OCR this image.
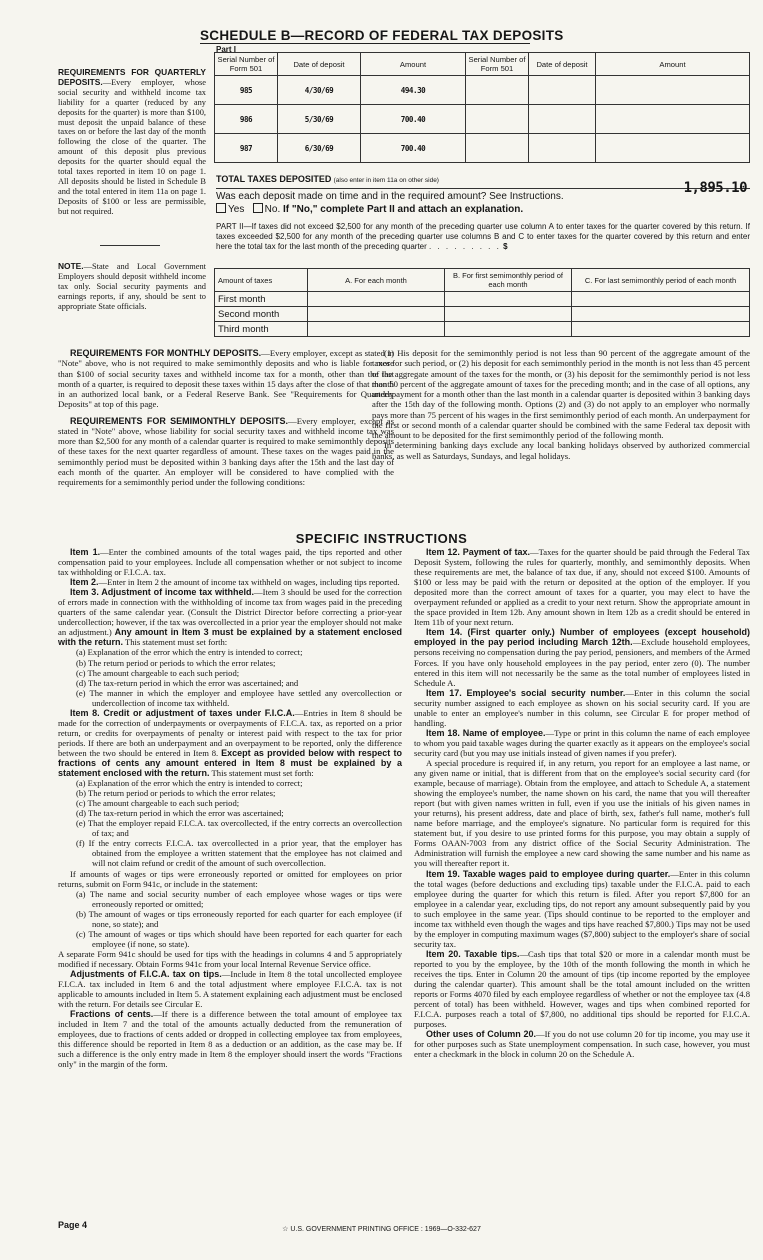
SCHEDULE B—RECORD OF FEDERAL TAX DEPOSITS
REQUIREMENTS FOR QUARTERLY DEPOSITS.—Every employer, whose social security and withheld income tax liability for a quarter (reduced by any deposits for the quarter) is more than $100, must deposit the unpaid balance of these taxes on or before the last day of the month following the close of the quarter. The amount of this deposit plus previous deposits for the quarter should equal the total taxes reported in item 10 on page 1. All deposits should be listed in Schedule B and the total entered in item 11a on page 1. Deposits of $100 or less are permissible, but not required.
NOTE.—State and Local Government Employers should deposit withheld income tax only. Social security payments and earnings reports, if any, should be sent to appropriate State officials.
Part I
Serial Number of Form 501	Date of deposit	Amount	Serial Number of Form 501	Date of deposit	Amount
985	4/30/69	494.30			
986	5/30/69	700.40			
987	6/30/69	700.40			
TOTAL TAXES DEPOSITED (also enter in item 11a on other side)	1,895.10
Was each deposit made on time and in the required amount? See Instructions.
Yes No. If "No," complete Part II and attach an explanation.
PART II—If taxes did not exceed $2,500 for any month of the preceding quarter use column A to enter taxes for the quarter covered by this return. If taxes exceeded $2,500 for any month of the preceding quarter use columns B and C to enter taxes for the quarter covered by this return and enter here the total tax for the last month of the preceding quarter . . . . . . . . . $
Amount of taxes	A. For each month	B. For first semimonthly period of each month	C. For last semimonthly period of each month
First month			
Second month			
Third month			

REQUIREMENTS FOR MONTHLY DEPOSITS.—Every employer, except as stated in "Note" above, who is not required to make semimonthly deposits and who is liable for more than $100 of social security taxes and withheld income tax for a month, other than the last month of a quarter, is required to deposit these taxes within 15 days after the close of that month in an authorized local bank, or a Federal Reserve Bank. See "Requirements for Quarterly Deposits" at top of this page.

REQUIREMENTS FOR SEMIMONTHLY DEPOSITS.—Every employer, except as stated in "Note" above, whose liability for social security taxes and withheld income tax was more than $2,500 for any month of a calendar quarter is required to make semimonthly deposits of these taxes for the next quarter regardless of amount. These taxes on the wages paid in the semimonthly period must be deposited within 3 banking days after the 15th and the last day of each month of the quarter. An employer will be considered to have complied with the requirements for a semimonthly period under the following conditions:

(1) His deposit for the semimonthly period is not less than 90 percent of the aggregate amount of the taxes for such period, or (2) his deposit for each semimonthly period in the month is not less than 45 percent of the aggregate amount of the taxes for the month, or (3) his deposit for the semimonthly period is not less than 50 percent of the aggregate amount of taxes for the preceding month; and in the case of all options, any underpayment for a month other than the last month in a calendar quarter is deposited within 3 banking days after the 15th day of the following month. Options (2) and (3) do not apply to an employer who normally pays more than 75 percent of his wages in the first semimonthly period of each month. An underpayment for the first or second month of a calendar quarter should be combined with the same Federal tax deposit with the amount to be deposited for the first semimonthly period of the following month.

In determining banking days exclude any local banking holidays observed by authorized commercial banks, as well as Saturdays, Sundays, and legal holidays.

SPECIFIC INSTRUCTIONS

Item 1.—Enter the combined amounts of the total wages paid, the tips reported and other compensation paid to your employees. Include all compensation whether or not subject to income tax withholding or F.I.C.A. tax.

Item 2.—Enter in Item 2 the amount of income tax withheld on wages, including tips reported.

Item 3. Adjustment of income tax withheld.—Item 3 should be used for the correction of errors made in connection with the withholding of income tax from wages paid in the preceding quarters of the same calendar year. (Consult the District Director before correcting a prior-year undercollection; however, if the tax was overcollected in a prior year the employer should not make an adjustment.) Any amount in Item 3 must be explained by a statement enclosed with the return. This statement must set forth:

(a) Explanation of the error which the entry is intended to correct;
(b) The return period or periods to which the error relates;
(c) The amount chargeable to each such period;
(d) The tax-return period in which the error was ascertained; and
(e) The manner in which the employer and employee have settled any overcollection or undercollection of income tax withheld.

Item 8. Credit or adjustment of taxes under F.I.C.A.—Entries in Item 8 should be made for the correction of underpayments or overpayments of F.I.C.A. tax, as reported on a prior return, or credits for overpayments of penalty or interest paid with respect to the tax for prior periods. If there are both an underpayment and an overpayment to be reported, only the difference between the two should be entered in Item 8. Except as provided below with respect to fractions of cents any amount entered in Item 8 must be explained by a statement enclosed with the return. This statement must set forth:

(a) Explanation of the error which the entry is intended to correct;
(b) The return period or periods to which the error relates;
(c) The amount chargeable to each such period;
(d) The tax-return period in which the error was ascertained;
(e) That the employer repaid F.I.C.A. tax overcollected, if the entry corrects an overcollection of tax; and
(f) If the entry corrects F.I.C.A. tax overcollected in a prior year, that the employer has obtained from the employee a written statement that the employee has not claimed and will not claim refund or credit of the amount of such overcollection.

If amounts of wages or tips were erroneously reported or omitted for employees on prior returns, submit on Form 941c, or include in the statement:

(a) The name and social security number of each employee whose wages or tips were erroneously reported or omitted;
(b) The amount of wages or tips erroneously reported for each quarter for each employee (if none, so state); and
(c) The amount of wages or tips which should have been reported for each quarter for each employee (if none, so state).

A separate Form 941c should be used for tips with the headings in columns 4 and 5 appropriately modified if necessary. Obtain Forms 941c from your local Internal Revenue Service office.

Adjustments of F.I.C.A. tax on tips.—Include in Item 8 the total uncollected employee F.I.C.A. tax included in Item 6 and the total adjustment where employee F.I.C.A. tax is not applicable to amounts included in Item 5. A statement explaining each adjustment must be enclosed with the return. For details see Circular E.

Fractions of cents.—If there is a difference between the total amount of employee tax included in Item 7 and the total of the amounts actually deducted from the remuneration of employees, due to fractions of cents added or dropped in collecting employee tax from employees, this difference should be reported in Item 8 as a deduction or an addition, as the case may be. If such a difference is the only entry made in Item 8 the employer should insert the words "Fractions only" in the margin of the form.

Item 12. Payment of tax.—Taxes for the quarter should be paid through the Federal Tax Deposit System, following the rules for quarterly, monthly, and semimonthly deposits. When these requirements are met, the balance of tax due, if any, should not exceed $100. Amounts of $100 or less may be paid with the return or deposited at the option of the employer. If you deposited more than the correct amount of taxes for a quarter, you may elect to have the overpayment refunded or applied as a credit to your next return. Show the appropriate amount in the space provided in Item 12b. Any amount shown in Item 12b as a credit should be entered in Item 11b of your next return.

Item 14. (First quarter only.) Number of employees (except household) employed in the pay period including March 12th.—Exclude household employees, persons receiving no compensation during the pay period, pensioners, and members of the Armed Forces. If you have only household employees in the pay period, enter zero (0). The number entered in this item will not necessarily be the same as the total number of employees listed in Schedule A.

Item 17. Employee's social security number.—Enter in this column the social security number assigned to each employee as shown on his social security card. If you are unable to enter an employee's number in this column, see Circular E for proper method of handling.

Item 18. Name of employee.—Type or print in this column the name of each employee to whom you paid taxable wages during the quarter exactly as it appears on the employee's social security card (but you may use initials instead of given names if you prefer).

A special procedure is required if, in any return, you report for an employee a last name, or any given name or initial, that is different from that on the employee's social security card (for example, because of marriage). Obtain from the employee, and attach to Schedule A, a statement showing the employee's number, the name shown on his card, the name that you will thereafter report (but with given names written in full, even if you use the initials of his given names in your returns), his present address, date and place of birth, sex, father's full name, mother's full name before marriage, and the employee's signature. No particular form is required for this statement but, if you desire to use printed forms for this purpose, you may obtain a supply of Forms OAAN-7003 from any district office of the Social Security Administration. The Administration will furnish the employee a new card showing the same number and his name as you will thereafter report it.

Item 19. Taxable wages paid to employee during quarter.—Enter in this column the total wages (before deductions and excluding tips) taxable under the F.I.C.A. paid to each employee during the quarter for which this return is filed. After you report $7,800 for an employee in a calendar year, excluding tips, do not report any amount subsequently paid by you to such employee in the same year. (Tips should continue to be reported to the employer and income tax withheld even though the wages and tips have reached $7,800.) Tips may not be used by the employer in computing maximum wages ($7,800) subject to the employer's share of social security tax.

Item 20. Taxable tips.—Cash tips that total $20 or more in a calendar month must be reported to you by the employee, by the 10th of the month following the month in which he receives the tips. Enter in Column 20 the amount of tips (tip income reported by the employee during the calendar quarter). This amount shall be the total amount included on the written reports or Forms 4070 filed by each employee regardless of whether or not the employee tax (4.8 percent of total) has been withheld. However, wages and tips when combined reported for F.I.C.A. purposes reach a total of $7,800, no additional tips should be reported for F.I.C.A. purposes.

Other uses of Column 20.—If you do not use column 20 for tip income, you may use it for other purposes such as State unemployment compensation. In such case, however, you must enter a checkmark in the block in column 20 on the Schedule A.

Page 4	☆ U.S. GOVERNMENT PRINTING OFFICE : 1969—O-332-627
